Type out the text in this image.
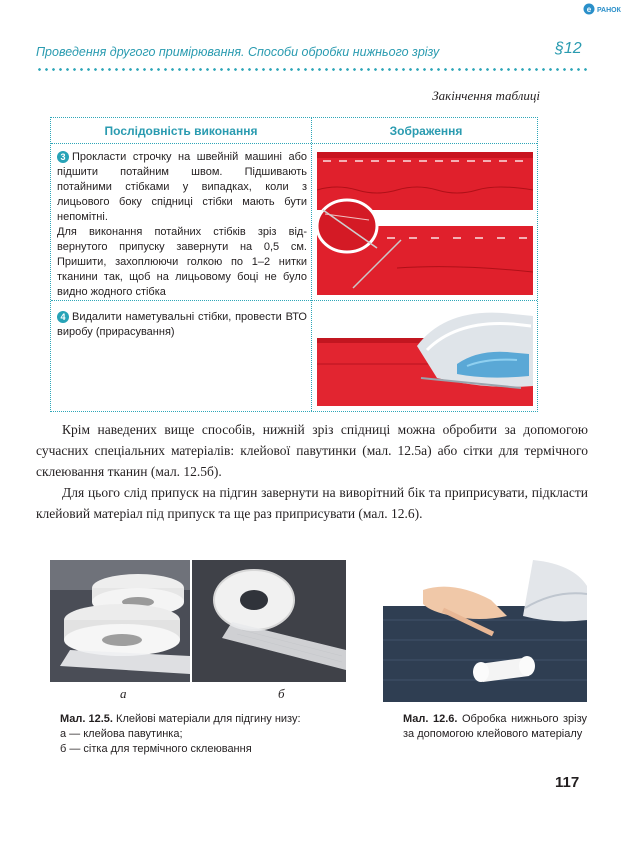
e РАНОК
Проведення другого примірювання. Способи обробки нижнього зрізу	§12
Закінчення таблиці
Послідовність виконання	Зображення
3 Прокласти строчку на швейній машині або підшити потайним швом. Підшивають потайними стібками у випадках, коли з лицьового боку спідниці стібки мають бути непомітні.
Для виконання потайних стібків зріз відвернутого припуску завернути на 0,5 см. Пришити, захоплюючи голкою по 1–2 нитки тканини так, щоб на лицьовому боці не було видно жодного стібка
4 Видалити наметувальні стібки, провести ВТО виробу (прирасування)

Крім наведених вище способів, нижній зріз спідниці можна обробити за допомогою сучасних спеціальних матеріалів: клейової павутинки (мал. 12.5а) або сітки для термічного склеювання тканин (мал. 12.5б).

Для цього слід припуск на підгин завернути на виворітний бік та приприсувати, підкласти клейовий матеріал під припуск та ще раз приприсувати (мал. 12.6).

а	б
Мал. 12.5. Клейові матеріали для підгину низу:
а — клейова павутинка;
б — сітка для термічного склеювання
Мал. 12.6. Обробка нижнього зрізу за допомогою клейового матеріалу
117
